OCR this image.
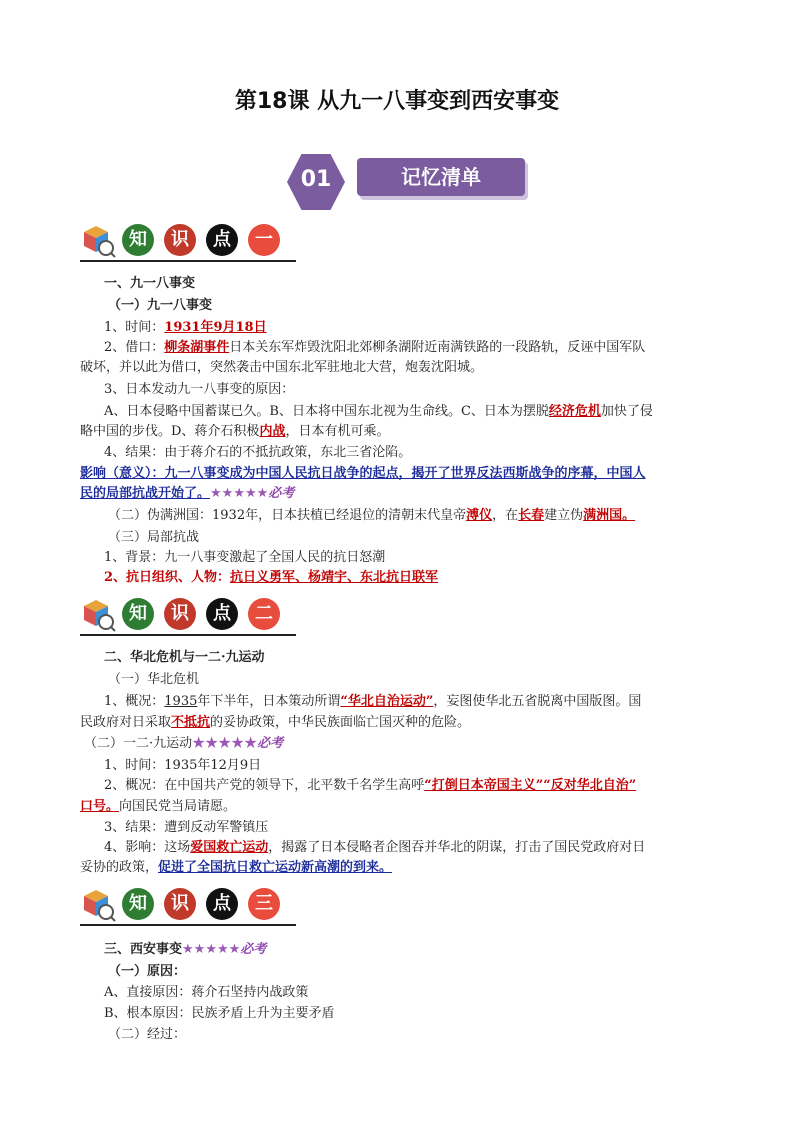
第18课 从九一八事变到西安事变
01	记忆清单
知	识	点	一
一、九一八事变
（一）九一八事变
1、时间：1931年9月18日
2、借口：柳条湖事件日本关东军炸毁沈阳北郊柳条湖附近南满铁路的一段路轨，反诬中国军队
破坏，并以此为借口，突然袭击中国东北军驻地北大营，炮轰沈阳城。
3、日本发动九一八事变的原因：
A、日本侵略中国蓄谋已久。B、日本将中国东北视为生命线。C、日本为摆脱经济危机加快了侵
略中国的步伐。D、蒋介石积极内战，日本有机可乘。
4、结果：由于蒋介石的不抵抗政策，东北三省沦陷。
影响（意义）：九一八事变成为中国人民抗日战争的起点，揭开了世界反法西斯战争的序幕，中国人
民的局部抗战开始了。★★★★★必考
（二）伪满洲国：1932年，日本扶植已经退位的清朝末代皇帝溥仪，在长春建立伪满洲国。
（三）局部抗战
1、背景：九一八事变激起了全国人民的抗日怒潮
2、抗日组织、人物：抗日义勇军、杨靖宇、东北抗日联军
知	识	点	二
二、华北危机与一二·九运动
（一）华北危机
1、概况：1935年下半年，日本策动所谓“华北自治运动”，妄图使华北五省脱离中国版图。国
民政府对日采取不抵抗的妥协政策，中华民族面临亡国灭种的危险。
（二）一二·九运动★★★★★必考
1、时间：1935年12月9日
2、概况：在中国共产党的领导下，北平数千名学生高呼“打倒日本帝国主义”“反对华北自治”
口号。向国民党当局请愿。
3、结果：遭到反动军警镇压
4、影响：这场爱国救亡运动，揭露了日本侵略者企图吞并华北的阴谋，打击了国民党政府对日
妥协的政策，促进了全国抗日救亡运动新高潮的到来。
知	识	点	三
三、西安事变★★★★★必考
（一）原因：
A、直接原因：蒋介石坚持内战政策
B、根本原因：民族矛盾上升为主要矛盾
（二）经过：
